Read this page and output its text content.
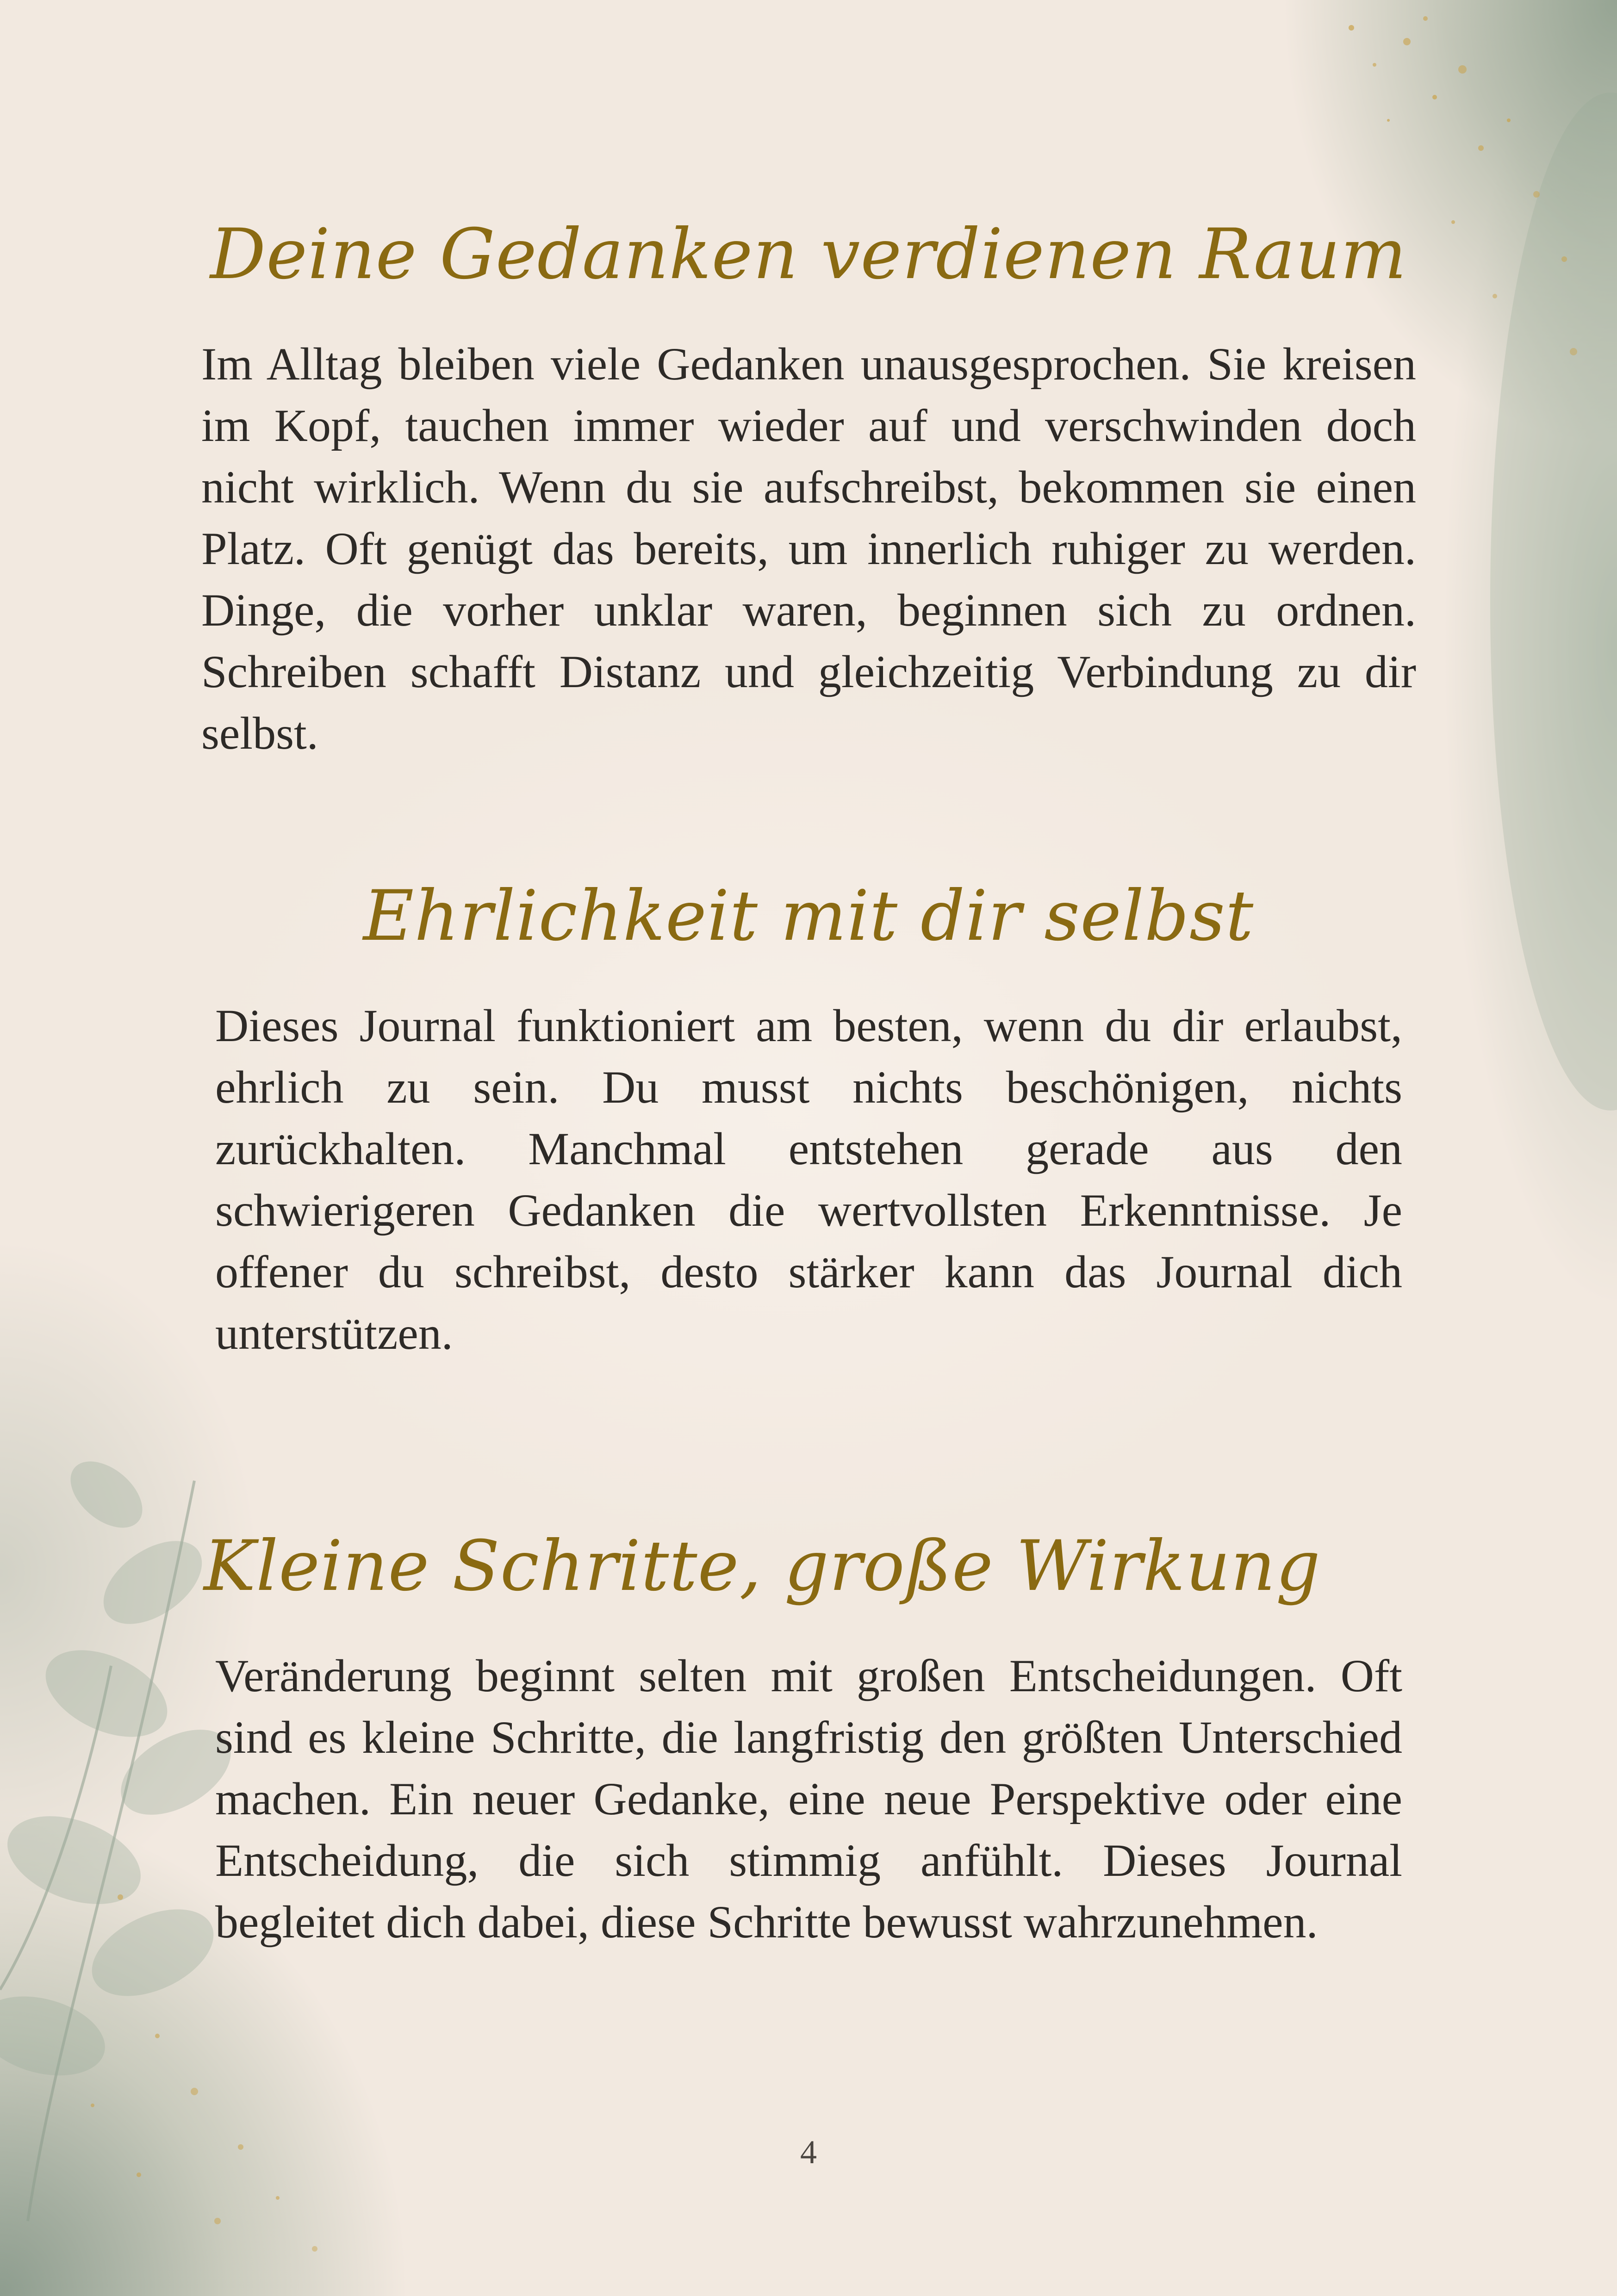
Deine Gedanken verdienen Raum

Im Alltag bleiben viele Gedanken unausgesprochen. Sie kreisen im Kopf, tauchen immer wieder auf und verschwinden doch nicht wirklich. Wenn du sie aufschreibst, bekommen sie einen Platz. Oft genügt das bereits, um innerlich ruhiger zu werden. Dinge, die vorher unklar waren, beginnen sich zu ordnen. Schreiben schafft Distanz und gleichzeitig Verbindung zu dir selbst.

Ehrlichkeit mit dir selbst

Dieses Journal funktioniert am besten, wenn du dir erlaubst, ehrlich zu sein. Du musst nichts beschönigen, nichts zurückhalten. Manchmal entstehen gerade aus den schwierigeren Gedanken die wertvollsten Erkenntnisse. Je offener du schreibst, desto stärker kann das Journal dich unterstützen.

Kleine Schritte, große Wirkung

Veränderung beginnt selten mit großen Entscheidungen. Oft sind es kleine Schritte, die langfristig den größten Unterschied machen. Ein neuer Gedanke, eine neue Perspektive oder eine Entscheidung, die sich stimmig anfühlt. Dieses Journal begleitet dich dabei, diese Schritte bewusst wahrzunehmen.

4
